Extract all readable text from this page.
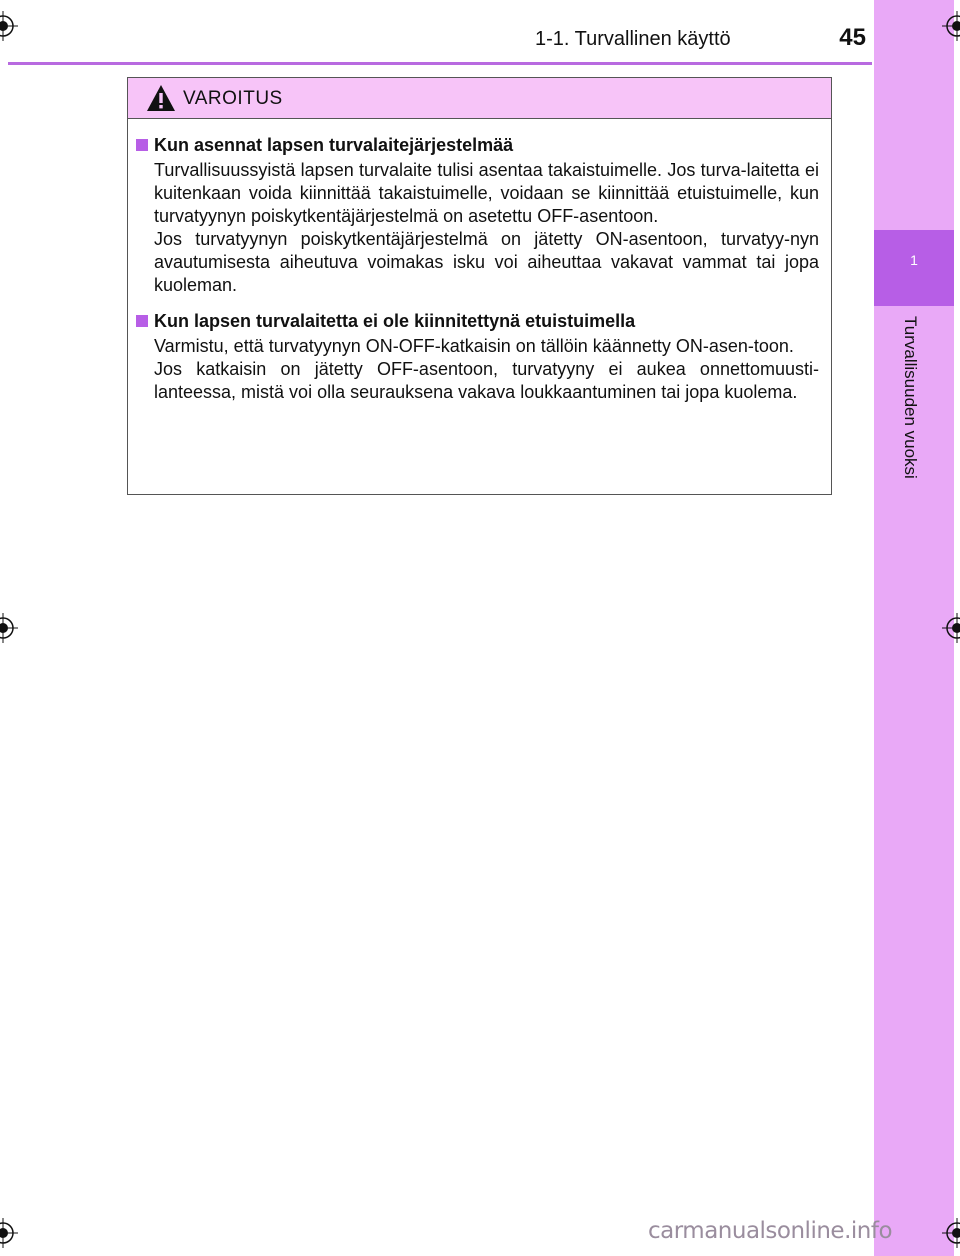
1-1. Turvallinen käyttö	45
1
Turvallisuuden vuoksi
VAROITUS
Kun asennat lapsen turvalaitejärjestelmää

Turvallisuussyistä lapsen turvalaite tulisi asentaa takaistuimelle. Jos turva-laitetta ei kuitenkaan voida kiinnittää takaistuimelle, voidaan se kiinnittää etuistuimelle, kun turvatyynyn poiskytkentäjärjestelmä on asetettu OFF-asentoon.

Jos turvatyynyn poiskytkentäjärjestelmä on jätetty ON-asentoon, turvatyy-nyn avautumisesta aiheutuva voimakas isku voi aiheuttaa vakavat vammat tai jopa kuoleman.

Kun lapsen turvalaitetta ei ole kiinnitettynä etuistuimella

Varmistu, että turvatyynyn ON-OFF-katkaisin on tällöin käännetty ON-asen-toon.

Jos katkaisin on jätetty OFF-asentoon, turvatyyny ei aukea onnettomuusti-lanteessa, mistä voi olla seurauksena vakava loukkaantuminen tai jopa kuolema.

carmanualsonline.info
